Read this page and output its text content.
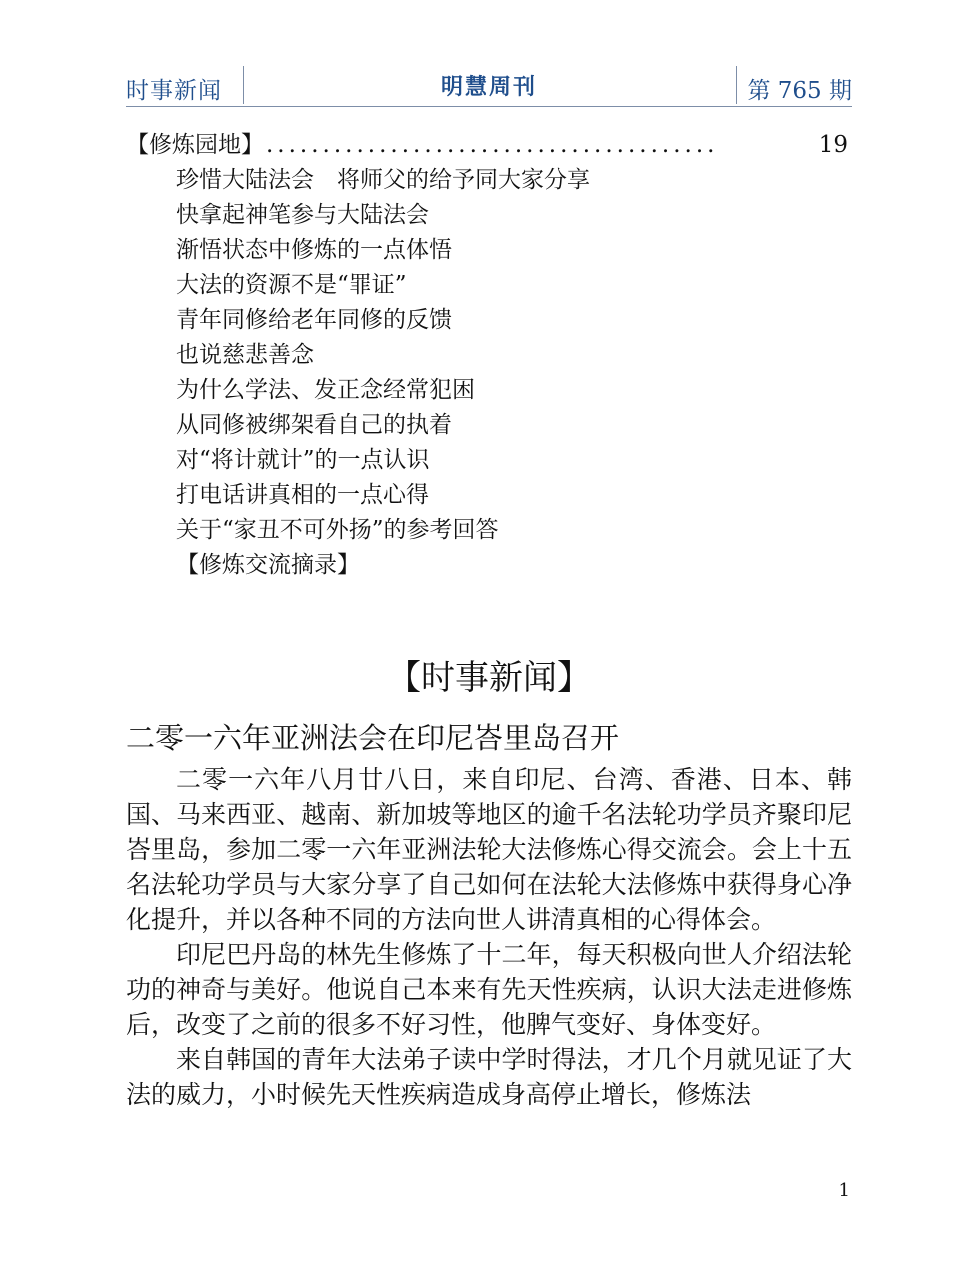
时事新闻	明慧周刊	第 765 期
【修炼园地】 ........................................	19
珍惜大陆法会　将师父的给予同大家分享
快拿起神笔参与大陆法会
渐悟状态中修炼的一点体悟
大法的资源不是“罪证”
青年同修给老年同修的反馈
也说慈悲善念
为什么学法、发正念经常犯困
从同修被绑架看自己的执着
对“将计就计”的一点认识
打电话讲真相的一点心得
关于“家丑不可外扬”的参考回答
【修炼交流摘录】
【时事新闻】
二零一六年亚洲法会在印尼峇里岛召开

二零一六年八月廿八日，来自印尼、台湾、香港、日本、韩国、马来西亚、越南、新加坡等地区的逾千名法轮功学员齐聚印尼峇里岛，参加二零一六年亚洲法轮大法修炼心得交流会。会上十五名法轮功学员与大家分享了自己如何在法轮大法修炼中获得身心净化提升，并以各种不同的方法向世人讲清真相的心得体会。

印尼巴丹岛的林先生修炼了十二年，每天积极向世人介绍法轮功的神奇与美好。他说自己本来有先天性疾病，认识大法走进修炼后，改变了之前的很多不好习性，他脾气变好、身体变好。

来自韩国的青年大法弟子读中学时得法，才几个月就见证了大法的威力，小时候先天性疾病造成身高停止增长，修炼法

1
